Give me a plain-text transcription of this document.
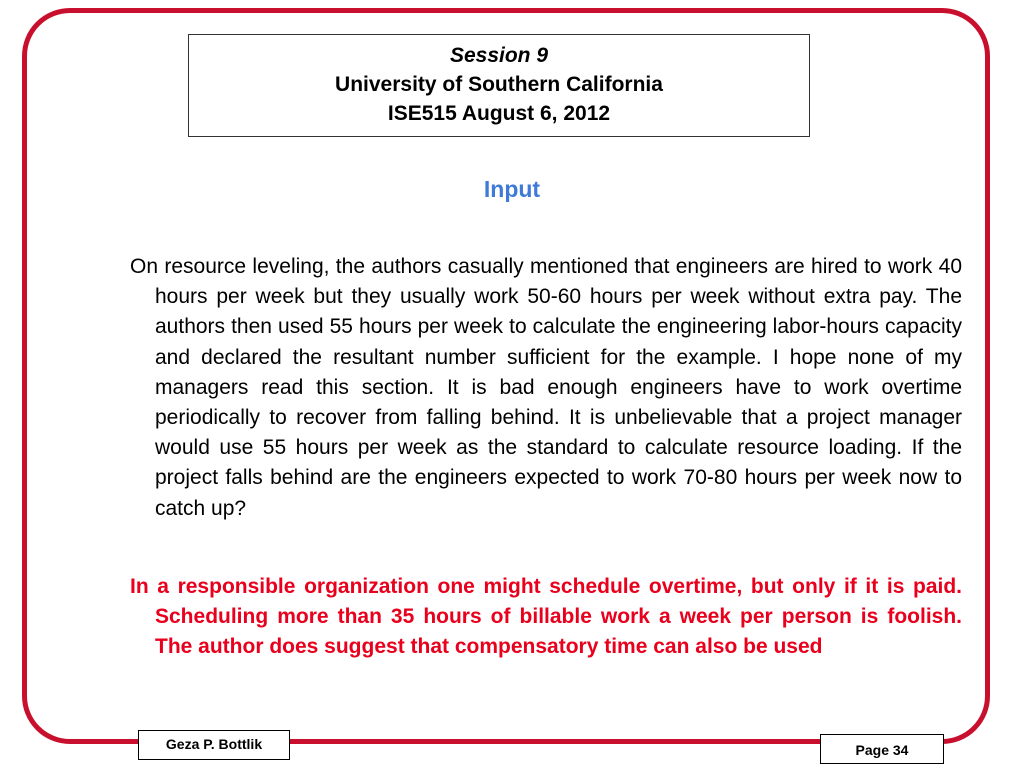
Session 9
University of Southern California
ISE515 August 6, 2012
Input

On resource leveling, the authors casually mentioned that engineers are hired to work 40 hours per week but they usually work 50-60 hours per week without extra pay. The authors then used 55 hours per week to calculate the engineering labor-hours capacity and declared the resultant number sufficient for the example. I hope none of my managers read this section. It is bad enough engineers have to work overtime periodically to recover from falling behind. It is unbelievable that a project manager would use 55 hours per week as the standard to calculate resource loading. If the project falls behind are the engineers expected to work 70-80 hours per week now to catch up?

In a responsible organization one might schedule overtime, but only if it is paid. Scheduling more than 35 hours of billable work a week per person is foolish. The author does suggest that compensatory time can also be used

Geza P. Bottlik	Page 34
